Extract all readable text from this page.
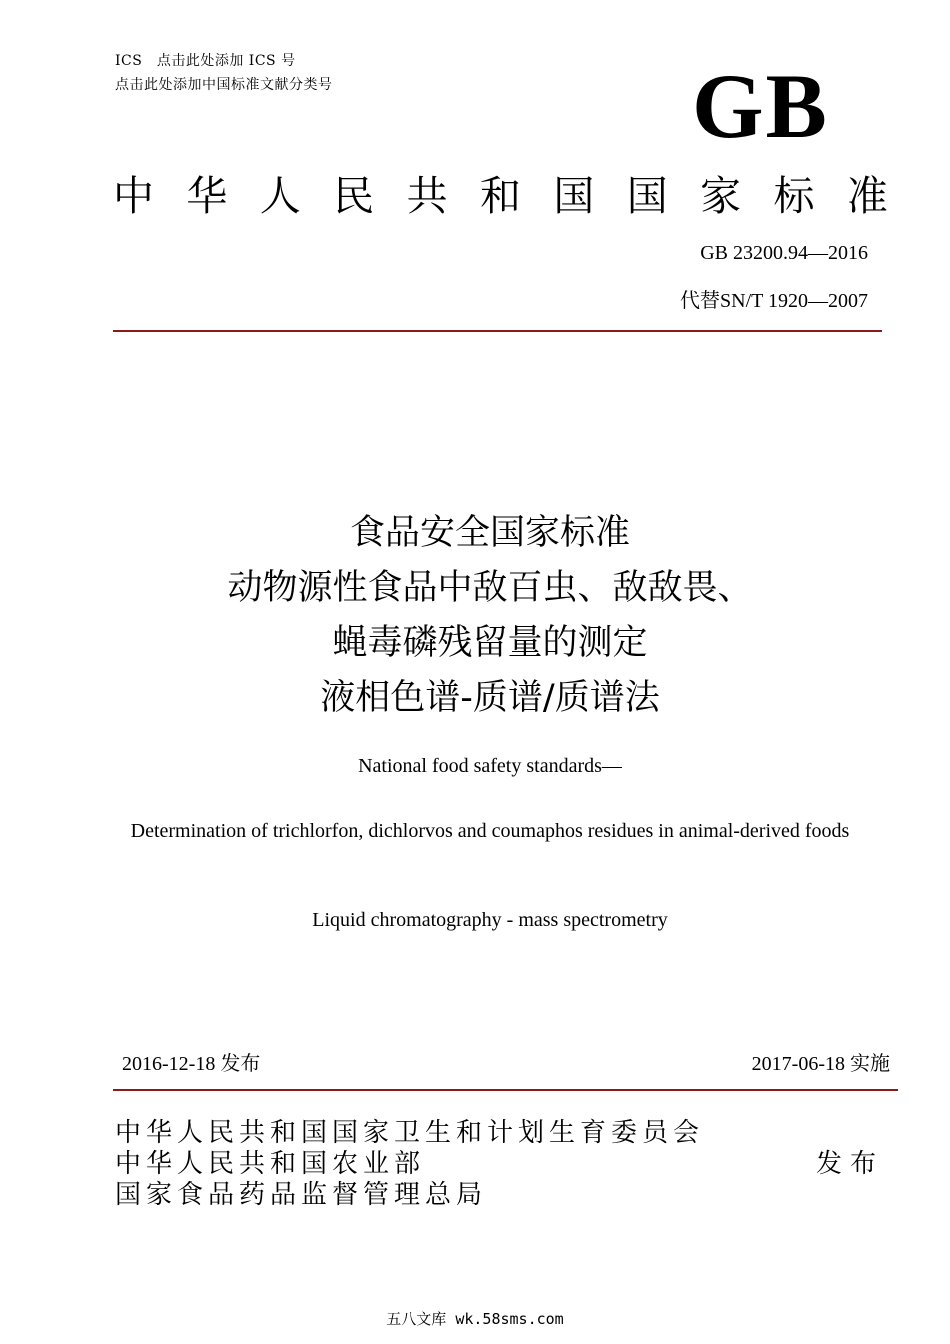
ICS　点击此处添加 ICS 号
点击此处添加中国标准文献分类号	GB
中 华 人 民 共 和 国 国 家 标 准
GB 23200.94—2016
代替SN/T 1920—2007
食品安全国家标准
动物源性食品中敌百虫、敌敌畏、
蝇毒磷残留量的测定
液相色谱-质谱/质谱法
National food safety standards—
Determination of trichlorfon, dichlorvos and coumaphos residues in animal-derived foods
Liquid chromatography - mass spectrometry
2016-12-18 发布	2017-06-18 实施
中华人民共和国国家卫生和计划生育委员会
中华人民共和国农业部
国家食品药品监督管理总局
发布
五八文库 wk.58sms.com
